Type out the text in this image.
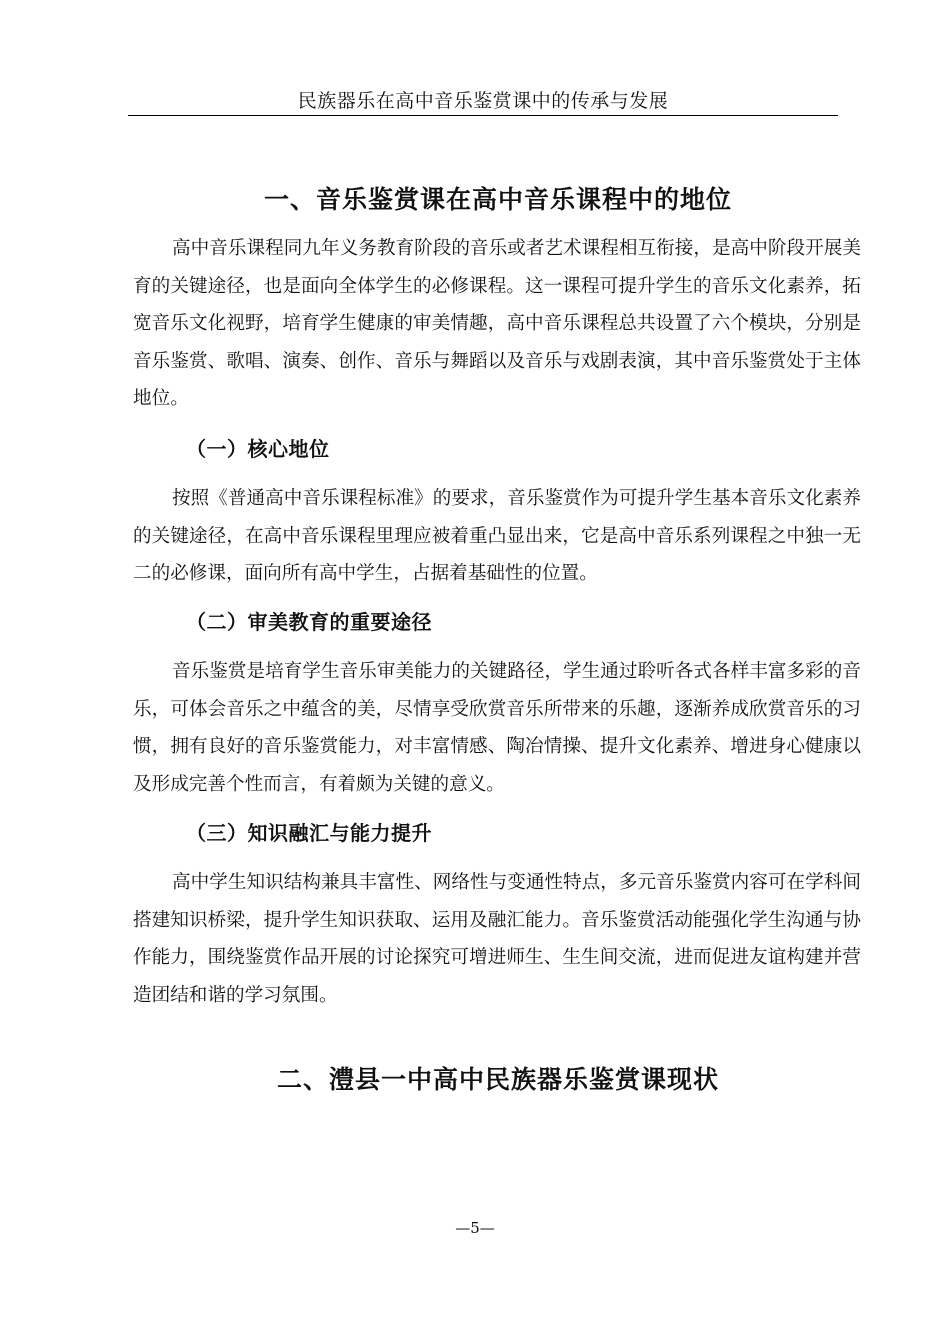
民族器乐在高中音乐鉴赏课中的传承与发展
一、音乐鉴赏课在高中音乐课程中的地位

高中音乐课程同九年义务教育阶段的音乐或者艺术课程相互衔接，是高中阶段开展美育的关键途径，也是面向全体学生的必修课程。这一课程可提升学生的音乐文化素养，拓宽音乐文化视野，培育学生健康的审美情趣，高中音乐课程总共设置了六个模块，分别是音乐鉴赏、歌唱、演奏、创作、音乐与舞蹈以及音乐与戏剧表演，其中音乐鉴赏处于主体地位。

（一）核心地位

按照《普通高中音乐课程标准》的要求，音乐鉴赏作为可提升学生基本音乐文化素养的关键途径，在高中音乐课程里理应被着重凸显出来，它是高中音乐系列课程之中独一无二的必修课，面向所有高中学生，占据着基础性的位置。

（二）审美教育的重要途径

音乐鉴赏是培育学生音乐审美能力的关键路径，学生通过聆听各式各样丰富多彩的音乐，可体会音乐之中蕴含的美，尽情享受欣赏音乐所带来的乐趣，逐渐养成欣赏音乐的习惯，拥有良好的音乐鉴赏能力，对丰富情感、陶冶情操、提升文化素养、增进身心健康以及形成完善个性而言，有着颇为关键的意义。

（三）知识融汇与能力提升

高中学生知识结构兼具丰富性、网络性与变通性特点，多元音乐鉴赏内容可在学科间搭建知识桥梁，提升学生知识获取、运用及融汇能力。音乐鉴赏活动能强化学生沟通与协作能力，围绕鉴赏作品开展的讨论探究可增进师生、生生间交流，进而促进友谊构建并营造团结和谐的学习氛围。

二、澧县一中高中民族器乐鉴赏课现状
—5—
